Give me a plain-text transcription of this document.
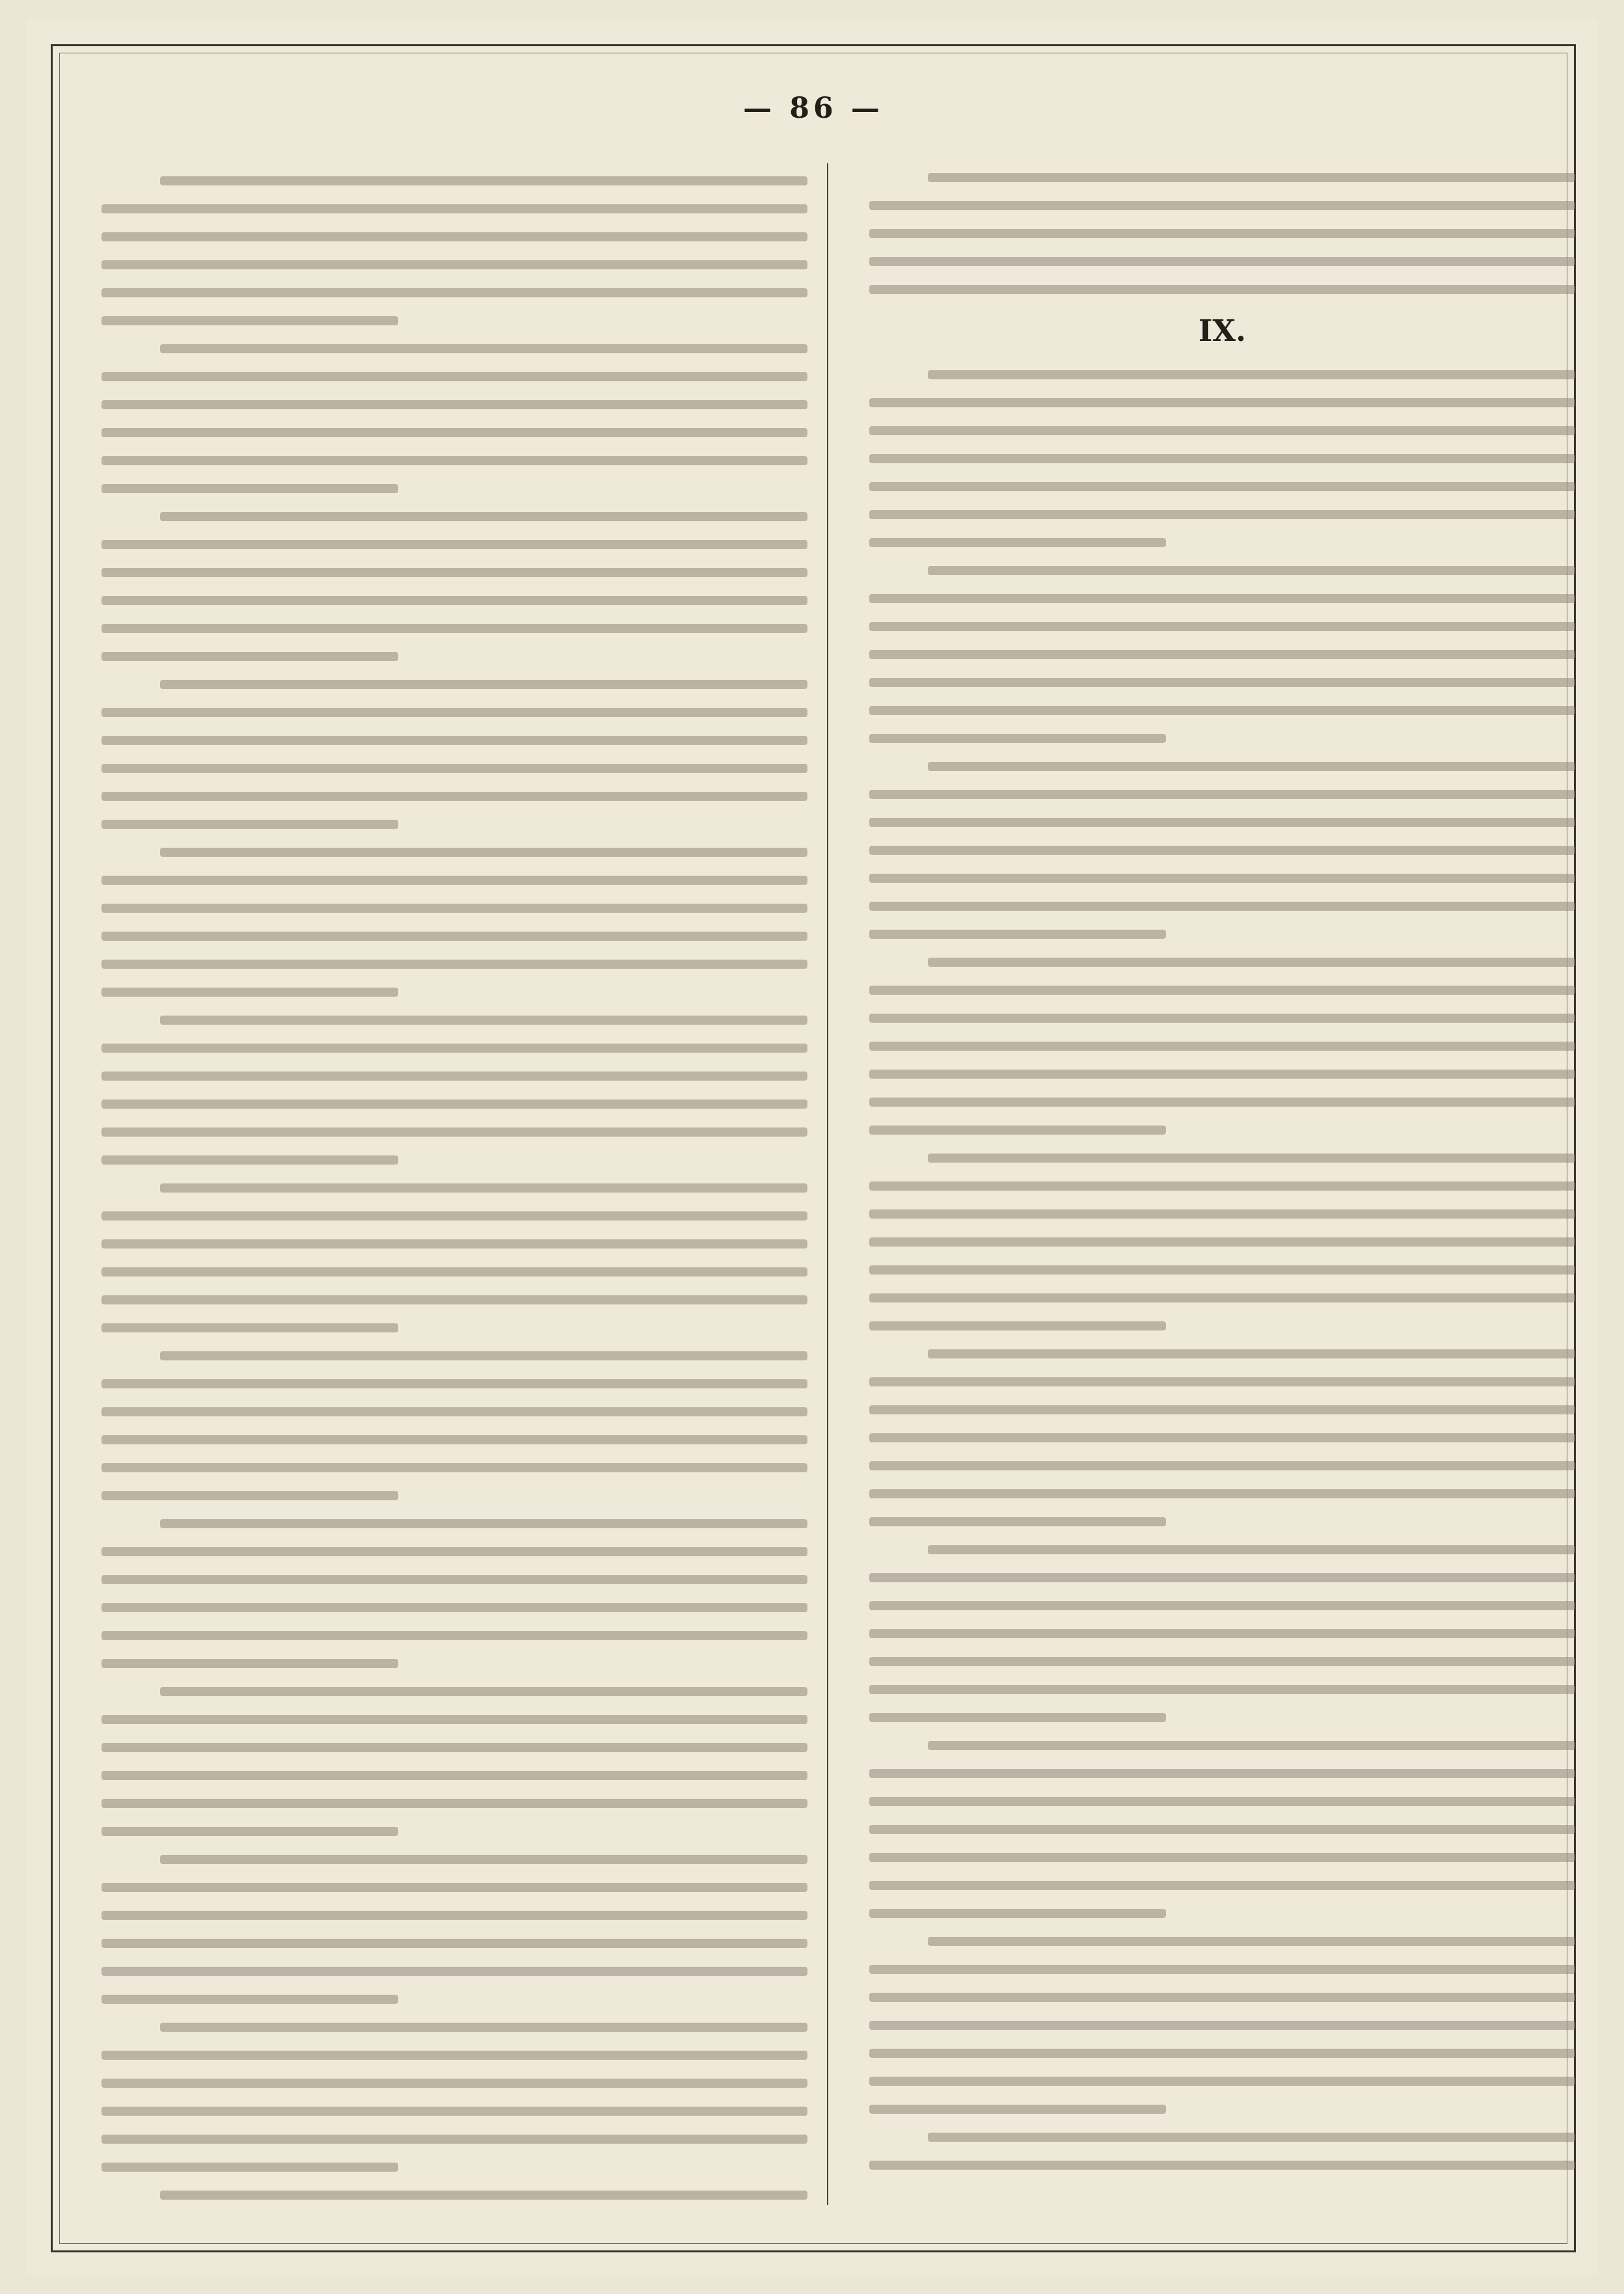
— 86 —
IX.
